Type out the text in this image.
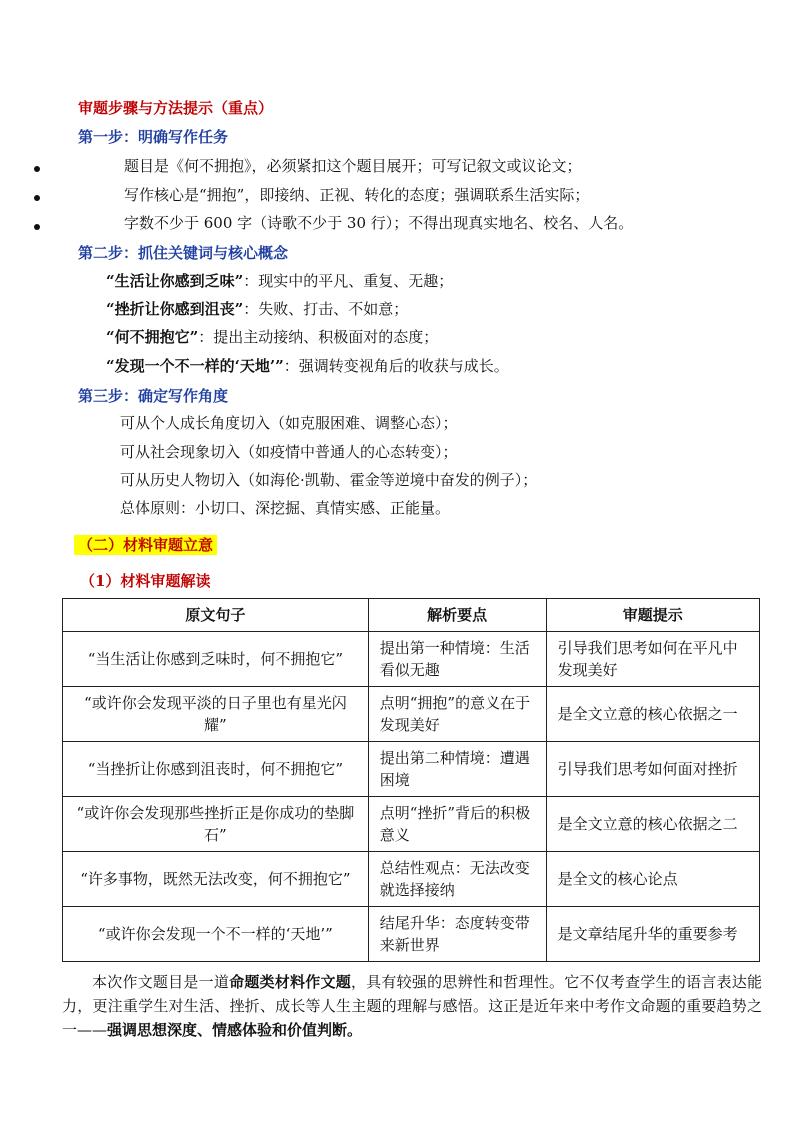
审题步骤与方法提示（重点）
第一步：明确写作任务
题目是《何不拥抱》，必须紧扣这个题目展开；可写记叙文或议论文；
写作核心是“拥抱”，即接纳、正视、转化的态度；强调联系生活实际；
字数不少于 600 字（诗歌不少于 30 行）；不得出现真实地名、校名、人名。
第二步：抓住关键词与核心概念
“生活让你感到乏味”：现实中的平凡、重复、无趣；
“挫折让你感到沮丧”：失败、打击、不如意；
“何不拥抱它”：提出主动接纳、积极面对的态度；
“发现一个不一样的‘天地’”：强调转变视角后的收获与成长。
第三步：确定写作角度
可从个人成长角度切入（如克服困难、调整心态）；
可从社会现象切入（如疫情中普通人的心态转变）；
可从历史人物切入（如海伦·凯勒、霍金等逆境中奋发的例子）；
总体原则：小切口、深挖掘、真情实感、正能量。
（二）材料审题立意
（1）材料审题解读
原文句子	解析要点	审题提示
“当生活让你感到乏味时，何不拥抱它”	提出第一种情境：生活看似无趣	引导我们思考如何在平凡中发现美好
“或许你会发现平淡的日子里也有星光闪耀”	点明“拥抱”的意义在于发现美好	是全文立意的核心依据之一
“当挫折让你感到沮丧时，何不拥抱它”	提出第二种情境：遭遇困境	引导我们思考如何面对挫折
“或许你会发现那些挫折正是你成功的垫脚石”	点明“挫折”背后的积极意义	是全文立意的核心依据之二
“许多事物，既然无法改变，何不拥抱它”	总结性观点：无法改变就选择接纳	是全文的核心论点
“或许你会发现一个不一样的‘天地’”	结尾升华：态度转变带来新世界	是文章结尾升华的重要参考
本次作文题目是一道命题类材料作文题，具有较强的思辨性和哲理性。它不仅考查学生的语言表达能力，更注重学生对生活、挫折、成长等人生主题的理解与感悟。这正是近年来中考作文命题的重要趋势之一——强调思想深度、情感体验和价值判断。
